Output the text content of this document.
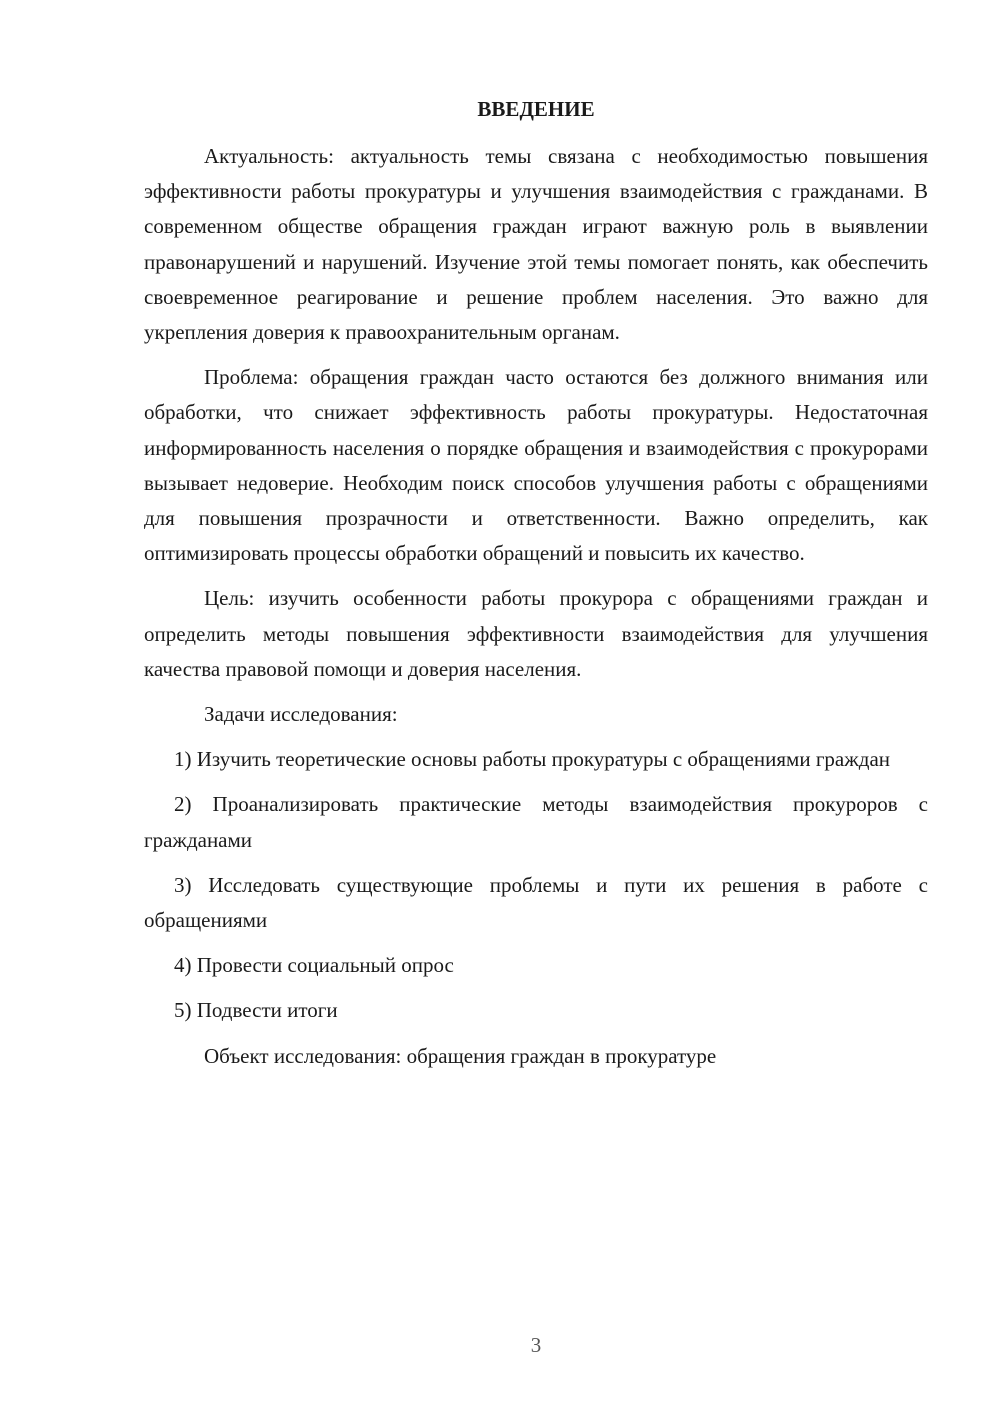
ВВЕДЕНИЕ

Актуальность: актуальность темы связана с необходимостью повышения эффективности работы прокуратуры и улучшения взаимодействия с гражданами. В современном обществе обращения граждан играют важную роль в выявлении правонарушений и нарушений. Изучение этой темы помогает понять, как обеспечить своевременное реагирование и решение проблем населения. Это важно для укрепления доверия к правоохранительным органам.

Проблема: обращения граждан часто остаются без должного внимания или обработки, что снижает эффективность работы прокуратуры. Недостаточная информированность населения о порядке обращения и взаимодействия с прокурорами вызывает недоверие. Необходим поиск способов улучшения работы с обращениями для повышения прозрачности и ответственности. Важно определить, как оптимизировать процессы обработки обращений и повысить их качество.

Цель: изучить особенности работы прокурора с обращениями граждан и определить методы повышения эффективности взаимодействия для улучшения качества правовой помощи и доверия населения.

Задачи исследования:

1) Изучить теоретические основы работы прокуратуры с обращениями граждан

2) Проанализировать практические методы взаимодействия прокуроров с гражданами

3) Исследовать существующие проблемы и пути их решения в работе с обращениями

4) Провести социальный опрос

5) Подвести итоги

Объект исследования: обращения граждан в прокуратуре

3
